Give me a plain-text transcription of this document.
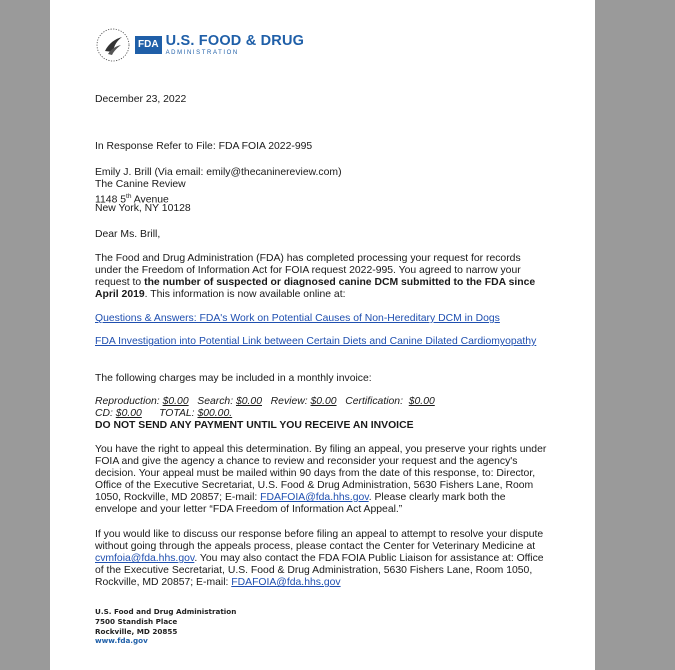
FDA U.S. FOOD & DRUG
ADMINISTRATION

December 23, 2022

In Response Refer to File: FDA FOIA 2022-995

Emily J. Brill (Via email: emily@thecaninereview.com)

The Canine Review

1148 5th Avenue

New York, NY 10128

Dear Ms. Brill,

The Food and Drug Administration (FDA) has completed processing your request for records

under the Freedom of Information Act for FOIA request 2022-995. You agreed to narrow your

request to the number of suspected or diagnosed canine DCM submitted to the FDA since

April 2019. This information is now available online at:

Questions & Answers: FDA's Work on Potential Causes of Non-Hereditary DCM in Dogs

FDA Investigation into Potential Link between Certain Diets and Canine Dilated Cardiomyopathy

The following charges may be included in a monthly invoice:

Reproduction: $0.00 Search: $0.00 Review: $0.00 Certification: $0.00

CD: $0.00 TOTAL: $00.00.

DO NOT SEND ANY PAYMENT UNTIL YOU RECEIVE AN INVOICE

You have the right to appeal this determination. By filing an appeal, you preserve your rights under

FOIA and give the agency a chance to review and reconsider your request and the agency's

decision. Your appeal must be mailed within 90 days from the date of this response, to: Director,

Office of the Executive Secretariat, U.S. Food & Drug Administration, 5630 Fishers Lane, Room

1050, Rockville, MD 20857; E-mail: FDAFOIA@fda.hhs.gov. Please clearly mark both the

envelope and your letter “FDA Freedom of Information Act Appeal.”

If you would like to discuss our response before filing an appeal to attempt to resolve your dispute

without going through the appeals process, please contact the Center for Veterinary Medicine at

cvmfoia@fda.hhs.gov. You may also contact the FDA FOIA Public Liaison for assistance at: Office

of the Executive Secretariat, U.S. Food & Drug Administration, 5630 Fishers Lane, Room 1050,

Rockville, MD 20857; E-mail: FDAFOIA@fda.hhs.gov

U.S. Food and Drug Administration
7500 Standish Place
Rockville, MD 20855
www.fda.gov
